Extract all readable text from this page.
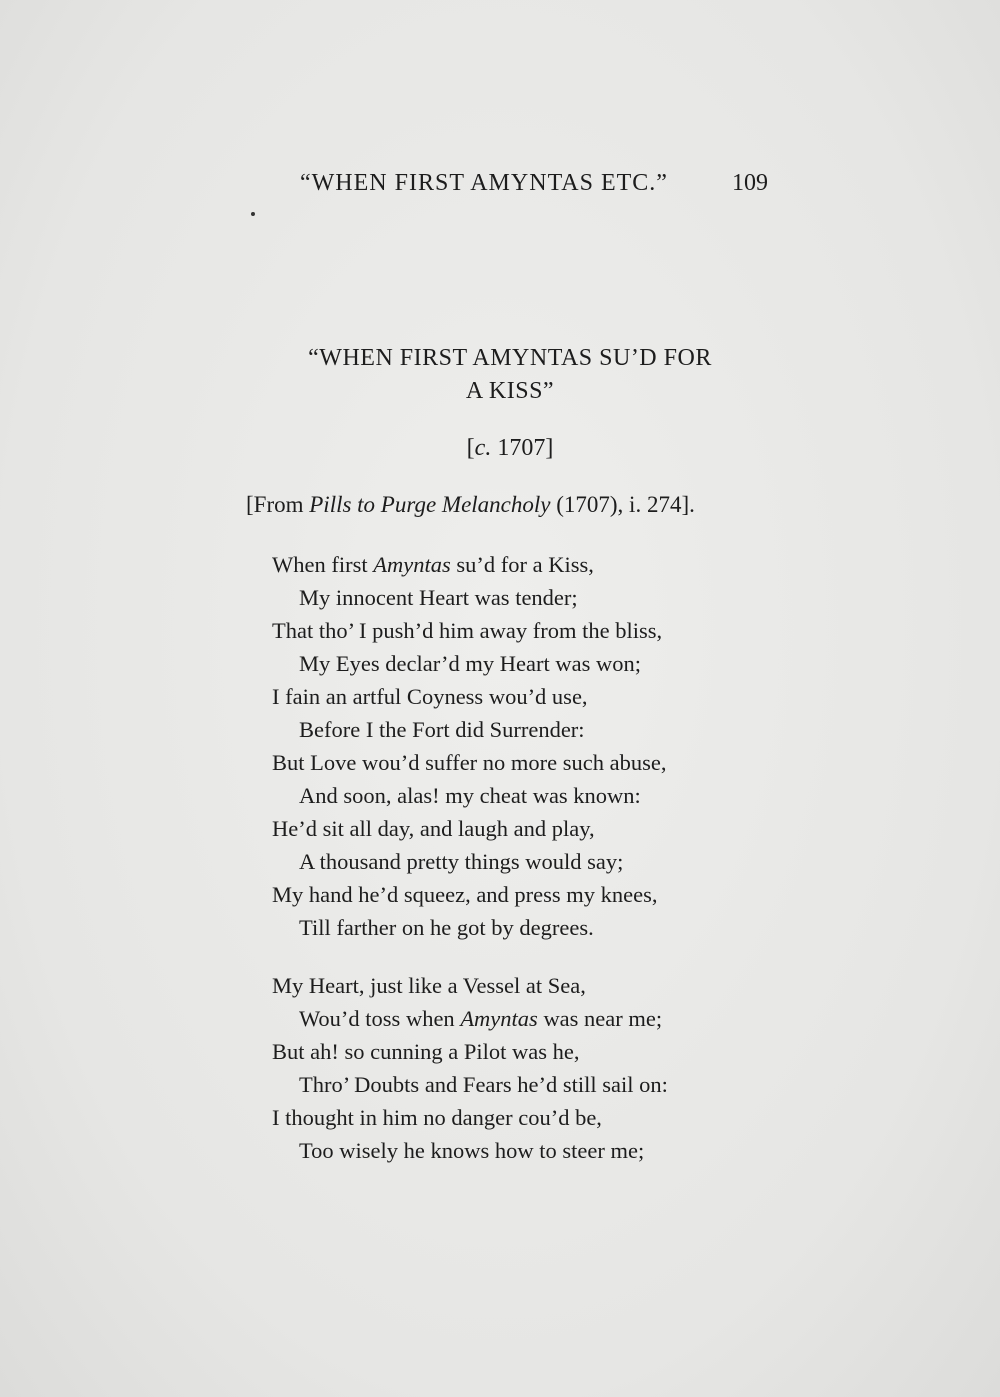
“WHEN FIRST AMYNTAS ETC.”	109
“WHEN FIRST AMYNTAS SU’D FOR
A KISS”
[c. 1707]
[From Pills to Purge Melancholy (1707), i. 274].
When first Amyntas su’d for a Kiss,
My innocent Heart was tender;
That tho’ I push’d him away from the bliss,
My Eyes declar’d my Heart was won;
I fain an artful Coyness wou’d use,
Before I the Fort did Surrender:
But Love wou’d suffer no more such abuse,
And soon, alas! my cheat was known:
He’d sit all day, and laugh and play,
A thousand pretty things would say;
My hand he’d squeez, and press my knees,
Till farther on he got by degrees.
My Heart, just like a Vessel at Sea,
Wou’d toss when Amyntas was near me;
But ah! so cunning a Pilot was he,
Thro’ Doubts and Fears he’d still sail on:
I thought in him no danger cou’d be,
Too wisely he knows how to steer me;
